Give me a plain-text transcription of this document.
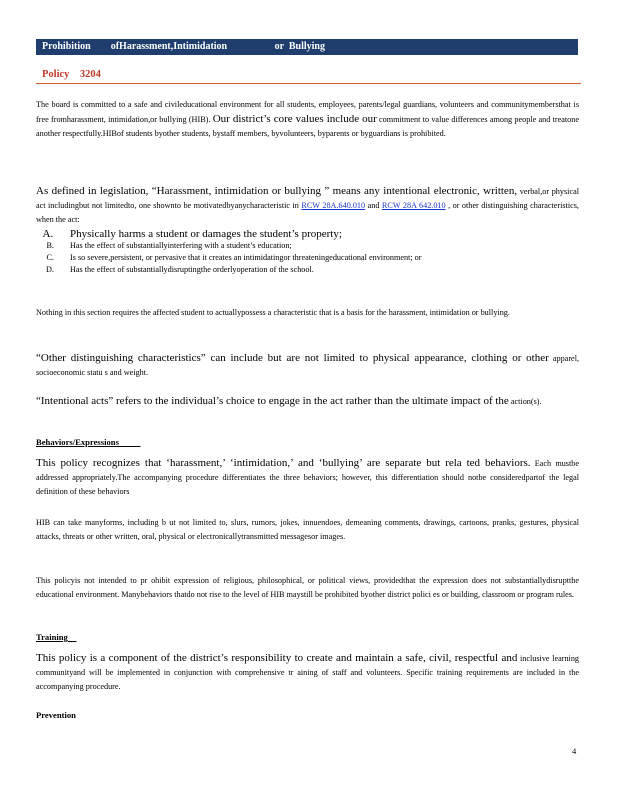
Prohibition        ofHarassment,Intimidation                   or  Bullying
Policy    3204
The board is committed to a safe and civileducational environment for all students, employees, parents/legal guardians, volunteers and communitymembersthat is free fromharassment, intimidation,or bullying (HIB). Our district’s core values include our commitment to value differences among people and treatone another respectfully.HIBof students byother students, bystaff members, byvolunteers, byparents or byguardians is prohibited.
As defined in legislation, “Harassment, intimidation or bullying ” means any intentional electronic, written, verbal,or physical act includingbut not limitedto, one shownto be motivatedbyanycharacteristic in RCW 28A.640.010 and RCW 28A 642.010 , or other distinguishing characteristics, when the act:
A. Physically harms a student or damages the student’s property;
B. Has the effect of substantiallyinterfering with a student’s education;
C. Is so severe,persistent, or pervasive that it creates an intimidatingor threateningeducational environment; or
D. Has the effect of substantiallydisruptingthe orderlyoperation of the school.
Nothing in this section requires the affected student to actuallypossess a characteristic that is a basis for the harassment, intimidation or bullying.
“Other distinguishing characteristics” can include but are not limited to physical appearance, clothing or other apparel, socioeconomic statu s and weight.
“Intentional acts” refers to the individual’s choice to engage in the act rather than the ultimate impact of the action(s).
Behaviors/Expressions
This policy recognizes that ‘harassment,’ ‘intimidation,’ and ‘bullying’ are separate but rela ted behaviors. Each mustbe addressed appropriately.The accompanying procedure differentiates the three behaviors; however, this differentiation should notbe consideredpartof the legal definition of these behaviors
HIB can take manyforms, including b ut not limited to, slurs, rumors, jokes, innuendoes, demeaning comments, drawings, cartoons, pranks, gestures, physical attacks, threats or other written, oral, physical or electronicallytransmitted messagesor images.
This policyis not intended to pr ohibit expression of religious, philosophical, or political views, providedthat the expression does not substantiallydisruptthe educational environment. Manybehaviors thatdo not rise to the level of HIB maystill be prohibited byother district polici es or building, classroom or program rules.
Training
This policy is a component of the district’s responsibility to create and maintain a safe, civil, respectful and inclusive learning communityand will be implemented in conjunction with comprehensive tr aining of staff and volunteers. Specific training requirements are included in the accompanying procedure.
Prevention
4
